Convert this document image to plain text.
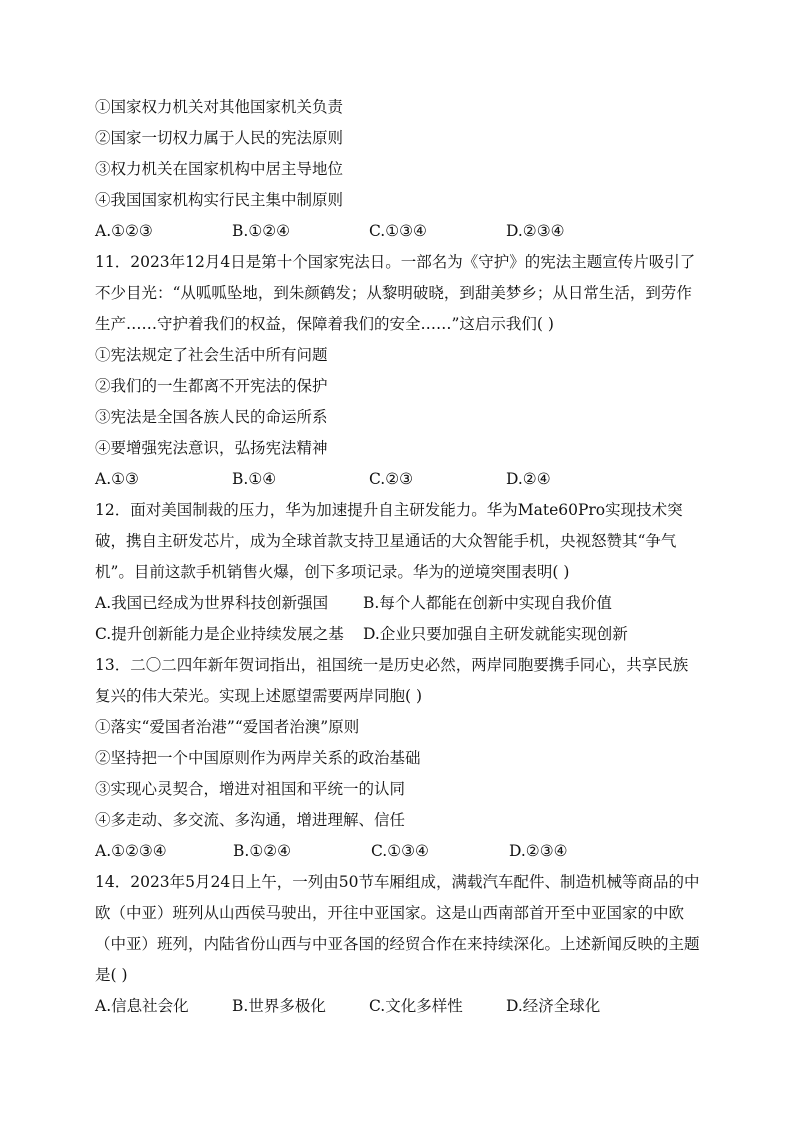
①国家权力机关对其他国家机关负责
②国家一切权力属于人民的宪法原则
③权力机关在国家机构中居主导地位
④我国国家机构实行民主集中制原则
A.①②③	B.①②④	C.①③④	D.②③④
11．2023年12月4日是第十个国家宪法日。一部名为《守护》的宪法主题宣传片吸引了不少目光：“从呱呱坠地，到朱颜鹤发；从黎明破晓，到甜美梦乡；从日常生活，到劳作生产……守护着我们的权益，保障着我们的安全……”这启示我们( )
①宪法规定了社会生活中所有问题
②我们的一生都离不开宪法的保护
③宪法是全国各族人民的命运所系
④要增强宪法意识，弘扬宪法精神
A.①③	B.①④	C.②③	D.②④
12．面对美国制裁的压力，华为加速提升自主研发能力。华为Mate60Pro实现技术突破，携自主研发芯片，成为全球首款支持卫星通话的大众智能手机，央视怒赞其“争气机”。目前这款手机销售火爆，创下多项记录。华为的逆境突围表明( )
A.我国已经成为世界科技创新强国	B.每个人都能在创新中实现自我价值
C.提升创新能力是企业持续发展之基	D.企业只要加强自主研发就能实现创新
13．二〇二四年新年贺词指出，祖国统一是历史必然，两岸同胞要携手同心，共享民族复兴的伟大荣光。实现上述愿望需要两岸同胞( )
①落实“爱国者治港”“爱国者治澳”原则
②坚持把一个中国原则作为两岸关系的政治基础
③实现心灵契合，增进对祖国和平统一的认同
④多走动、多交流、多沟通，增进理解、信任
A.①②③④	B.①②④	C.①③④	D.②③④
14．2023年5月24日上午，一列由50节车厢组成，满载汽车配件、制造机械等商品的中欧（中亚）班列从山西侯马驶出，开往中亚国家。这是山西南部首开至中亚国家的中欧（中亚）班列，内陆省份山西与中亚各国的经贸合作在来持续深化。上述新闻反映的主题是( )
A.信息社会化	B.世界多极化	C.文化多样性	D.经济全球化
